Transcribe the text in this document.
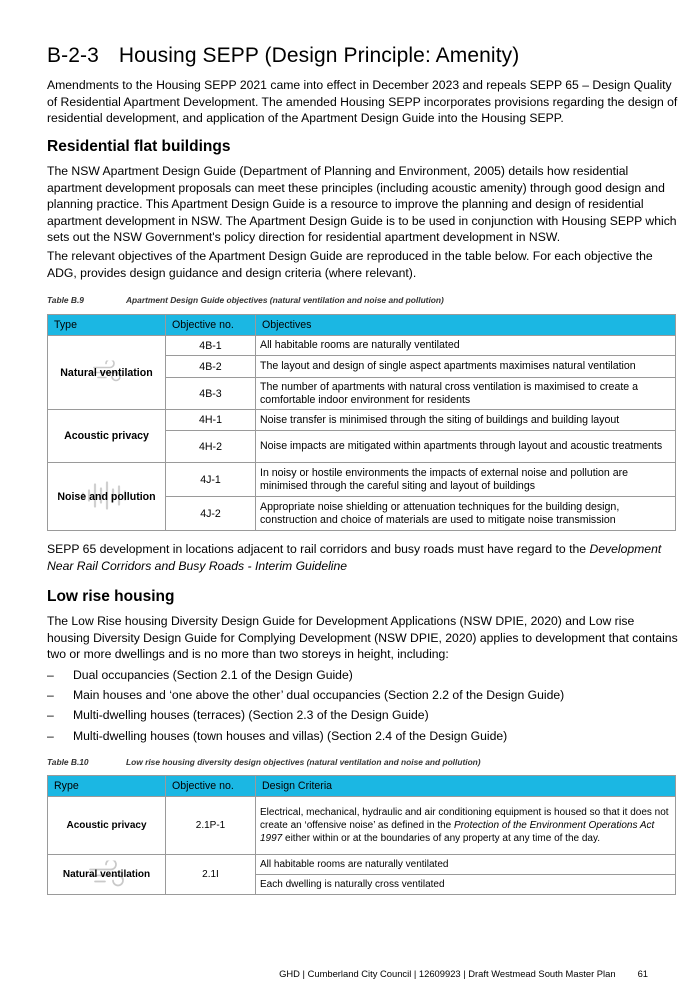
B-2-3 Housing SEPP (Design Principle: Amenity)

Amendments to the Housing SEPP 2021 came into effect in December 2023 and repeals SEPP 65 – Design Quality of Residential Apartment Development. The amended Housing SEPP incorporates provisions regarding the design of residential development, and application of the Apartment Design Guide into the Housing SEPP.

Residential flat buildings

The NSW Apartment Design Guide (Department of Planning and Environment, 2005) details how residential apartment development proposals can meet these principles (including acoustic amenity) through good design and planning practice. This Apartment Design Guide is a resource to improve the planning and design of residential apartment development in NSW. The Apartment Design Guide is to be used in conjunction with Housing SEPP which sets out the NSW Government's policy direction for residential apartment development in NSW.

The relevant objectives of the Apartment Design Guide are reproduced in the table below. For each objective the ADG, provides design guidance and design criteria (where relevant).

Table B.9	Apartment Design Guide objectives (natural ventilation and noise and pollution)
Type	Objective no.	Objectives

Natural ventilation	4B-1	All habitable rooms are naturally ventilated
	4B-2	The layout and design of single aspect apartments maximises natural ventilation
	4B-3	The number of apartments with natural cross ventilation is maximised to create a comfortable indoor environment for residents
Acoustic privacy	4H-1	Noise transfer is minimised through the siting of buildings and building layout
	4H-2	Noise impacts are mitigated within apartments through layout and acoustic treatments

Noise and pollution	4J-1	In noisy or hostile environments the impacts of external noise and pollution are minimised through the careful siting and layout of buildings
	4J-2	Appropriate noise shielding or attenuation techniques for the building design, construction and choice of materials are used to mitigate noise transmission

SEPP 65 development in locations adjacent to rail corridors and busy roads must have regard to the Development Near Rail Corridors and Busy Roads - Interim Guideline

Low rise housing

The Low Rise housing Diversity Design Guide for Development Applications (NSW DPIE, 2020) and Low rise housing Diversity Design Guide for Complying Development (NSW DPIE, 2020) applies to development that contains two or more dwellings and is no more than two storeys in height, including:

– Dual occupancies (Section 2.1 of the Design Guide)
– Main houses and ‘one above the other’ dual occupancies (Section 2.2 of the Design Guide)
– Multi-dwelling houses (terraces) (Section 2.3 of the Design Guide)
– Multi-dwelling houses (town houses and villas) (Section 2.4 of the Design Guide)
Table B.10	Low rise housing diversity design objectives (natural ventilation and noise and pollution)
Rype	Objective no.	Design Criteria
Acoustic privacy	2.1P-1	Electrical, mechanical, hydraulic and air conditioning equipment is housed so that it does not create an ‘offensive noise’ as defined in the Protection of the Environment Operations Act 1997 either within or at the boundaries of any property at any time of the day.

Natural ventilation	2.1I	All habitable rooms are naturally ventilated
		Each dwelling is naturally cross ventilated
GHD | Cumberland City Council | 12609923 | Draft Westmead South Master Plan 61
